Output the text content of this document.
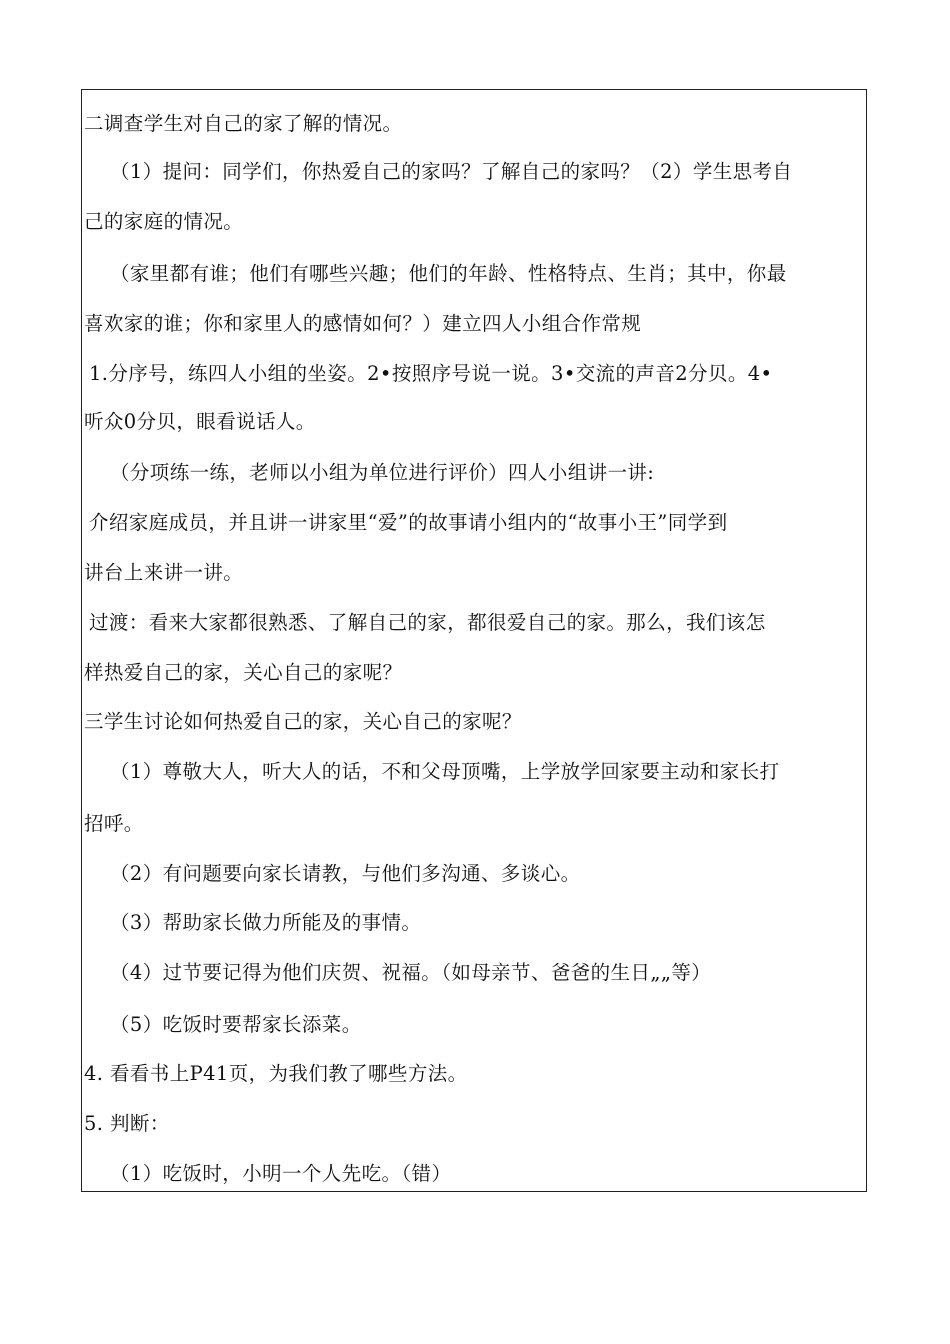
二调查学生对自己的家了解的情况。
（1）提问：同学们，你热爱自己的家吗？了解自己的家吗？（2）学生思考自
己的家庭的情况。
（家里都有谁；他们有哪些兴趣；他们的年龄、性格特点、生肖；其中，你最
喜欢家的谁；你和家里人的感情如何？）建立四人小组合作常规
1.分序号，练四人小组的坐姿。2•按照序号说一说。3•交流的声音2分贝。4•
听众0分贝，眼看说话人。
（分项练一练，老师以小组为单位进行评价）四人小组讲一讲:
介绍家庭成员，并且讲一讲家里“爱”的故事请小组内的“故事小王”同学到
讲台上来讲一讲。
过渡：看来大家都很熟悉、了解自己的家，都很爱自己的家。那么，我们该怎
样热爱自己的家，关心自己的家呢？
三学生讨论如何热爱自己的家，关心自己的家呢？
（1）尊敬大人，听大人的话，不和父母顶嘴，上学放学回家要主动和家长打
招呼。
（2）有问题要向家长请教，与他们多沟通、多谈心。
（3）帮助家长做力所能及的事情。
（4）过节要记得为他们庆贺、祝福。（如母亲节、爸爸的生日„„等）
（5）吃饭时要帮家长添菜。
4. 看看书上P41页，为我们教了哪些方法。
5. 判断：
（1）吃饭时，小明一个人先吃。（错）
